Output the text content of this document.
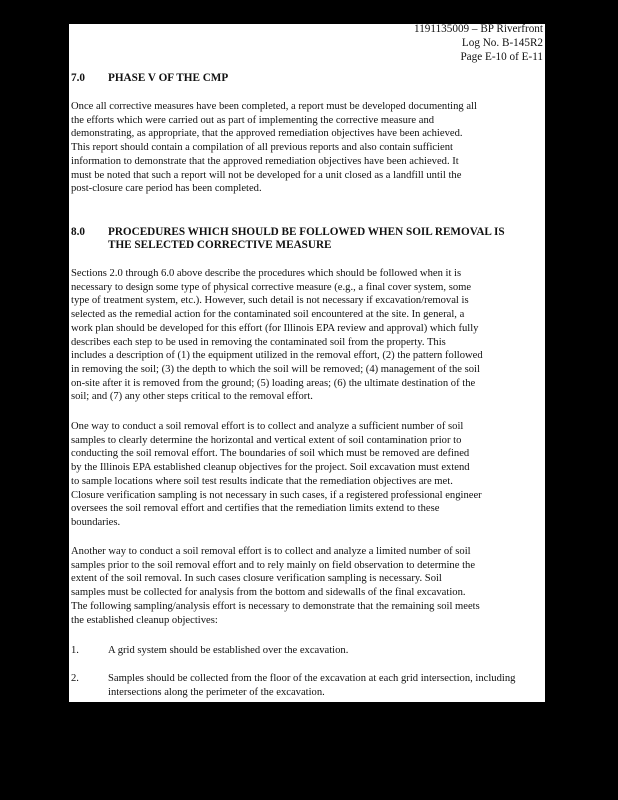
1191135009 – BP Riverfront
Log No. B-145R2
Page E-10 of E-11
7.0 PHASE V OF THE CMP
Once all corrective measures have been completed, a report must be developed documenting all
the efforts which were carried out as part of implementing the corrective measure and
demonstrating, as appropriate, that the approved remediation objectives have been achieved.
This report should contain a compilation of all previous reports and also contain sufficient
information to demonstrate that the approved remediation objectives have been achieved. It
must be noted that such a report will not be developed for a unit closed as a landfill until the
post-closure care period has been completed.
8.0 PROCEDURES WHICH SHOULD BE FOLLOWED WHEN SOIL REMOVAL IS
THE SELECTED CORRECTIVE MEASURE
Sections 2.0 through 6.0 above describe the procedures which should be followed when it is
necessary to design some type of physical corrective measure (e.g., a final cover system, some
type of treatment system, etc.). However, such detail is not necessary if excavation/removal is
selected as the remedial action for the contaminated soil encountered at the site. In general, a
work plan should be developed for this effort (for Illinois EPA review and approval) which fully
describes each step to be used in removing the contaminated soil from the property. This
includes a description of (1) the equipment utilized in the removal effort, (2) the pattern followed
in removing the soil; (3) the depth to which the soil will be removed; (4) management of the soil
on-site after it is removed from the ground; (5) loading areas; (6) the ultimate destination of the
soil; and (7) any other steps critical to the removal effort.
One way to conduct a soil removal effort is to collect and analyze a sufficient number of soil
samples to clearly determine the horizontal and vertical extent of soil contamination prior to
conducting the soil removal effort. The boundaries of soil which must be removed are defined
by the Illinois EPA established cleanup objectives for the project. Soil excavation must extend
to sample locations where soil test results indicate that the remediation objectives are met.
Closure verification sampling is not necessary in such cases, if a registered professional engineer
oversees the soil removal effort and certifies that the remediation limits extend to these
boundaries.
Another way to conduct a soil removal effort is to collect and analyze a limited number of soil
samples prior to the soil removal effort and to rely mainly on field observation to determine the
extent of the soil removal. In such cases closure verification sampling is necessary. Soil
samples must be collected for analysis from the bottom and sidewalls of the final excavation.
The following sampling/analysis effort is necessary to demonstrate that the remaining soil meets
the established cleanup objectives:
1.	A grid system should be established over the excavation.
2.	Samples should be collected from the floor of the excavation at each grid intersection, including intersections along the perimeter of the excavation.
